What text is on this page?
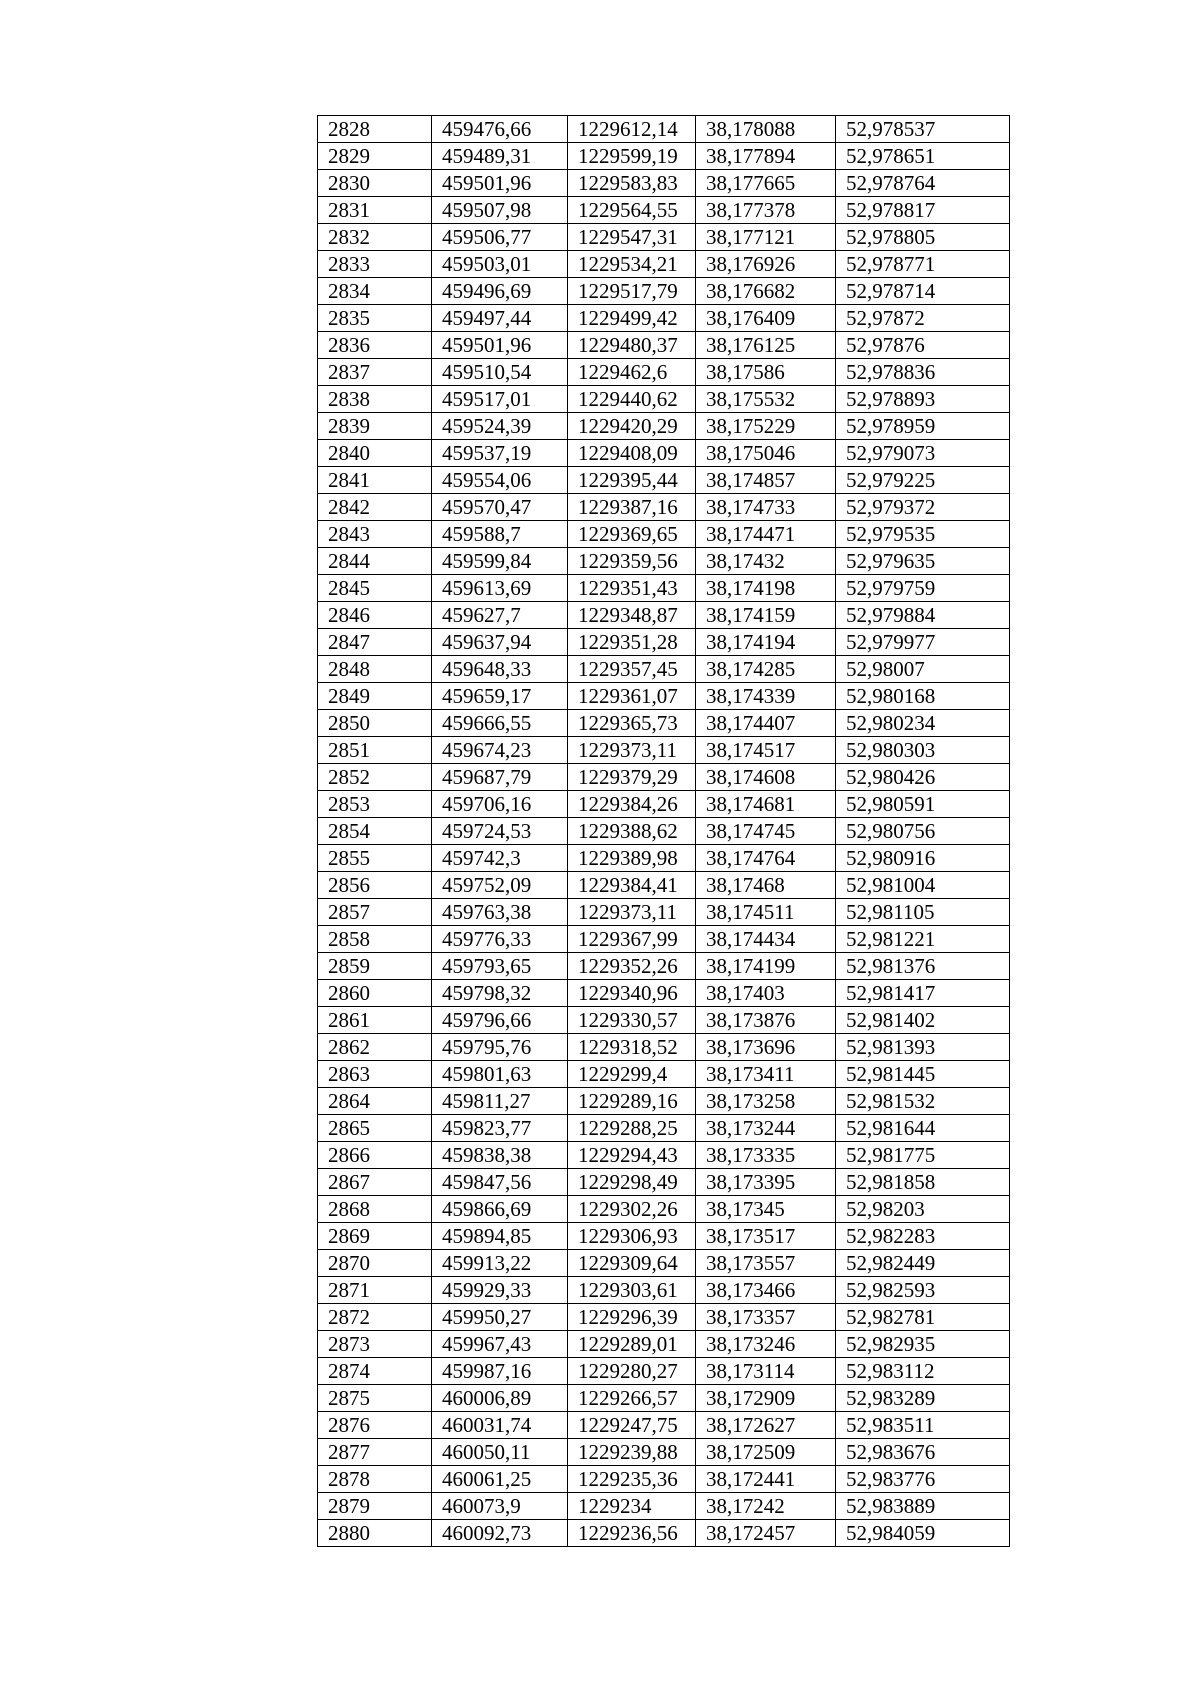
2828	459476,66	1229612,14	38,178088	52,978537
2829	459489,31	1229599,19	38,177894	52,978651
2830	459501,96	1229583,83	38,177665	52,978764
2831	459507,98	1229564,55	38,177378	52,978817
2832	459506,77	1229547,31	38,177121	52,978805
2833	459503,01	1229534,21	38,176926	52,978771
2834	459496,69	1229517,79	38,176682	52,978714
2835	459497,44	1229499,42	38,176409	52,97872
2836	459501,96	1229480,37	38,176125	52,97876
2837	459510,54	1229462,6	38,17586	52,978836
2838	459517,01	1229440,62	38,175532	52,978893
2839	459524,39	1229420,29	38,175229	52,978959
2840	459537,19	1229408,09	38,175046	52,979073
2841	459554,06	1229395,44	38,174857	52,979225
2842	459570,47	1229387,16	38,174733	52,979372
2843	459588,7	1229369,65	38,174471	52,979535
2844	459599,84	1229359,56	38,17432	52,979635
2845	459613,69	1229351,43	38,174198	52,979759
2846	459627,7	1229348,87	38,174159	52,979884
2847	459637,94	1229351,28	38,174194	52,979977
2848	459648,33	1229357,45	38,174285	52,98007
2849	459659,17	1229361,07	38,174339	52,980168
2850	459666,55	1229365,73	38,174407	52,980234
2851	459674,23	1229373,11	38,174517	52,980303
2852	459687,79	1229379,29	38,174608	52,980426
2853	459706,16	1229384,26	38,174681	52,980591
2854	459724,53	1229388,62	38,174745	52,980756
2855	459742,3	1229389,98	38,174764	52,980916
2856	459752,09	1229384,41	38,17468	52,981004
2857	459763,38	1229373,11	38,174511	52,981105
2858	459776,33	1229367,99	38,174434	52,981221
2859	459793,65	1229352,26	38,174199	52,981376
2860	459798,32	1229340,96	38,17403	52,981417
2861	459796,66	1229330,57	38,173876	52,981402
2862	459795,76	1229318,52	38,173696	52,981393
2863	459801,63	1229299,4	38,173411	52,981445
2864	459811,27	1229289,16	38,173258	52,981532
2865	459823,77	1229288,25	38,173244	52,981644
2866	459838,38	1229294,43	38,173335	52,981775
2867	459847,56	1229298,49	38,173395	52,981858
2868	459866,69	1229302,26	38,17345	52,98203
2869	459894,85	1229306,93	38,173517	52,982283
2870	459913,22	1229309,64	38,173557	52,982449
2871	459929,33	1229303,61	38,173466	52,982593
2872	459950,27	1229296,39	38,173357	52,982781
2873	459967,43	1229289,01	38,173246	52,982935
2874	459987,16	1229280,27	38,173114	52,983112
2875	460006,89	1229266,57	38,172909	52,983289
2876	460031,74	1229247,75	38,172627	52,983511
2877	460050,11	1229239,88	38,172509	52,983676
2878	460061,25	1229235,36	38,172441	52,983776
2879	460073,9	1229234	38,17242	52,983889
2880	460092,73	1229236,56	38,172457	52,984059
